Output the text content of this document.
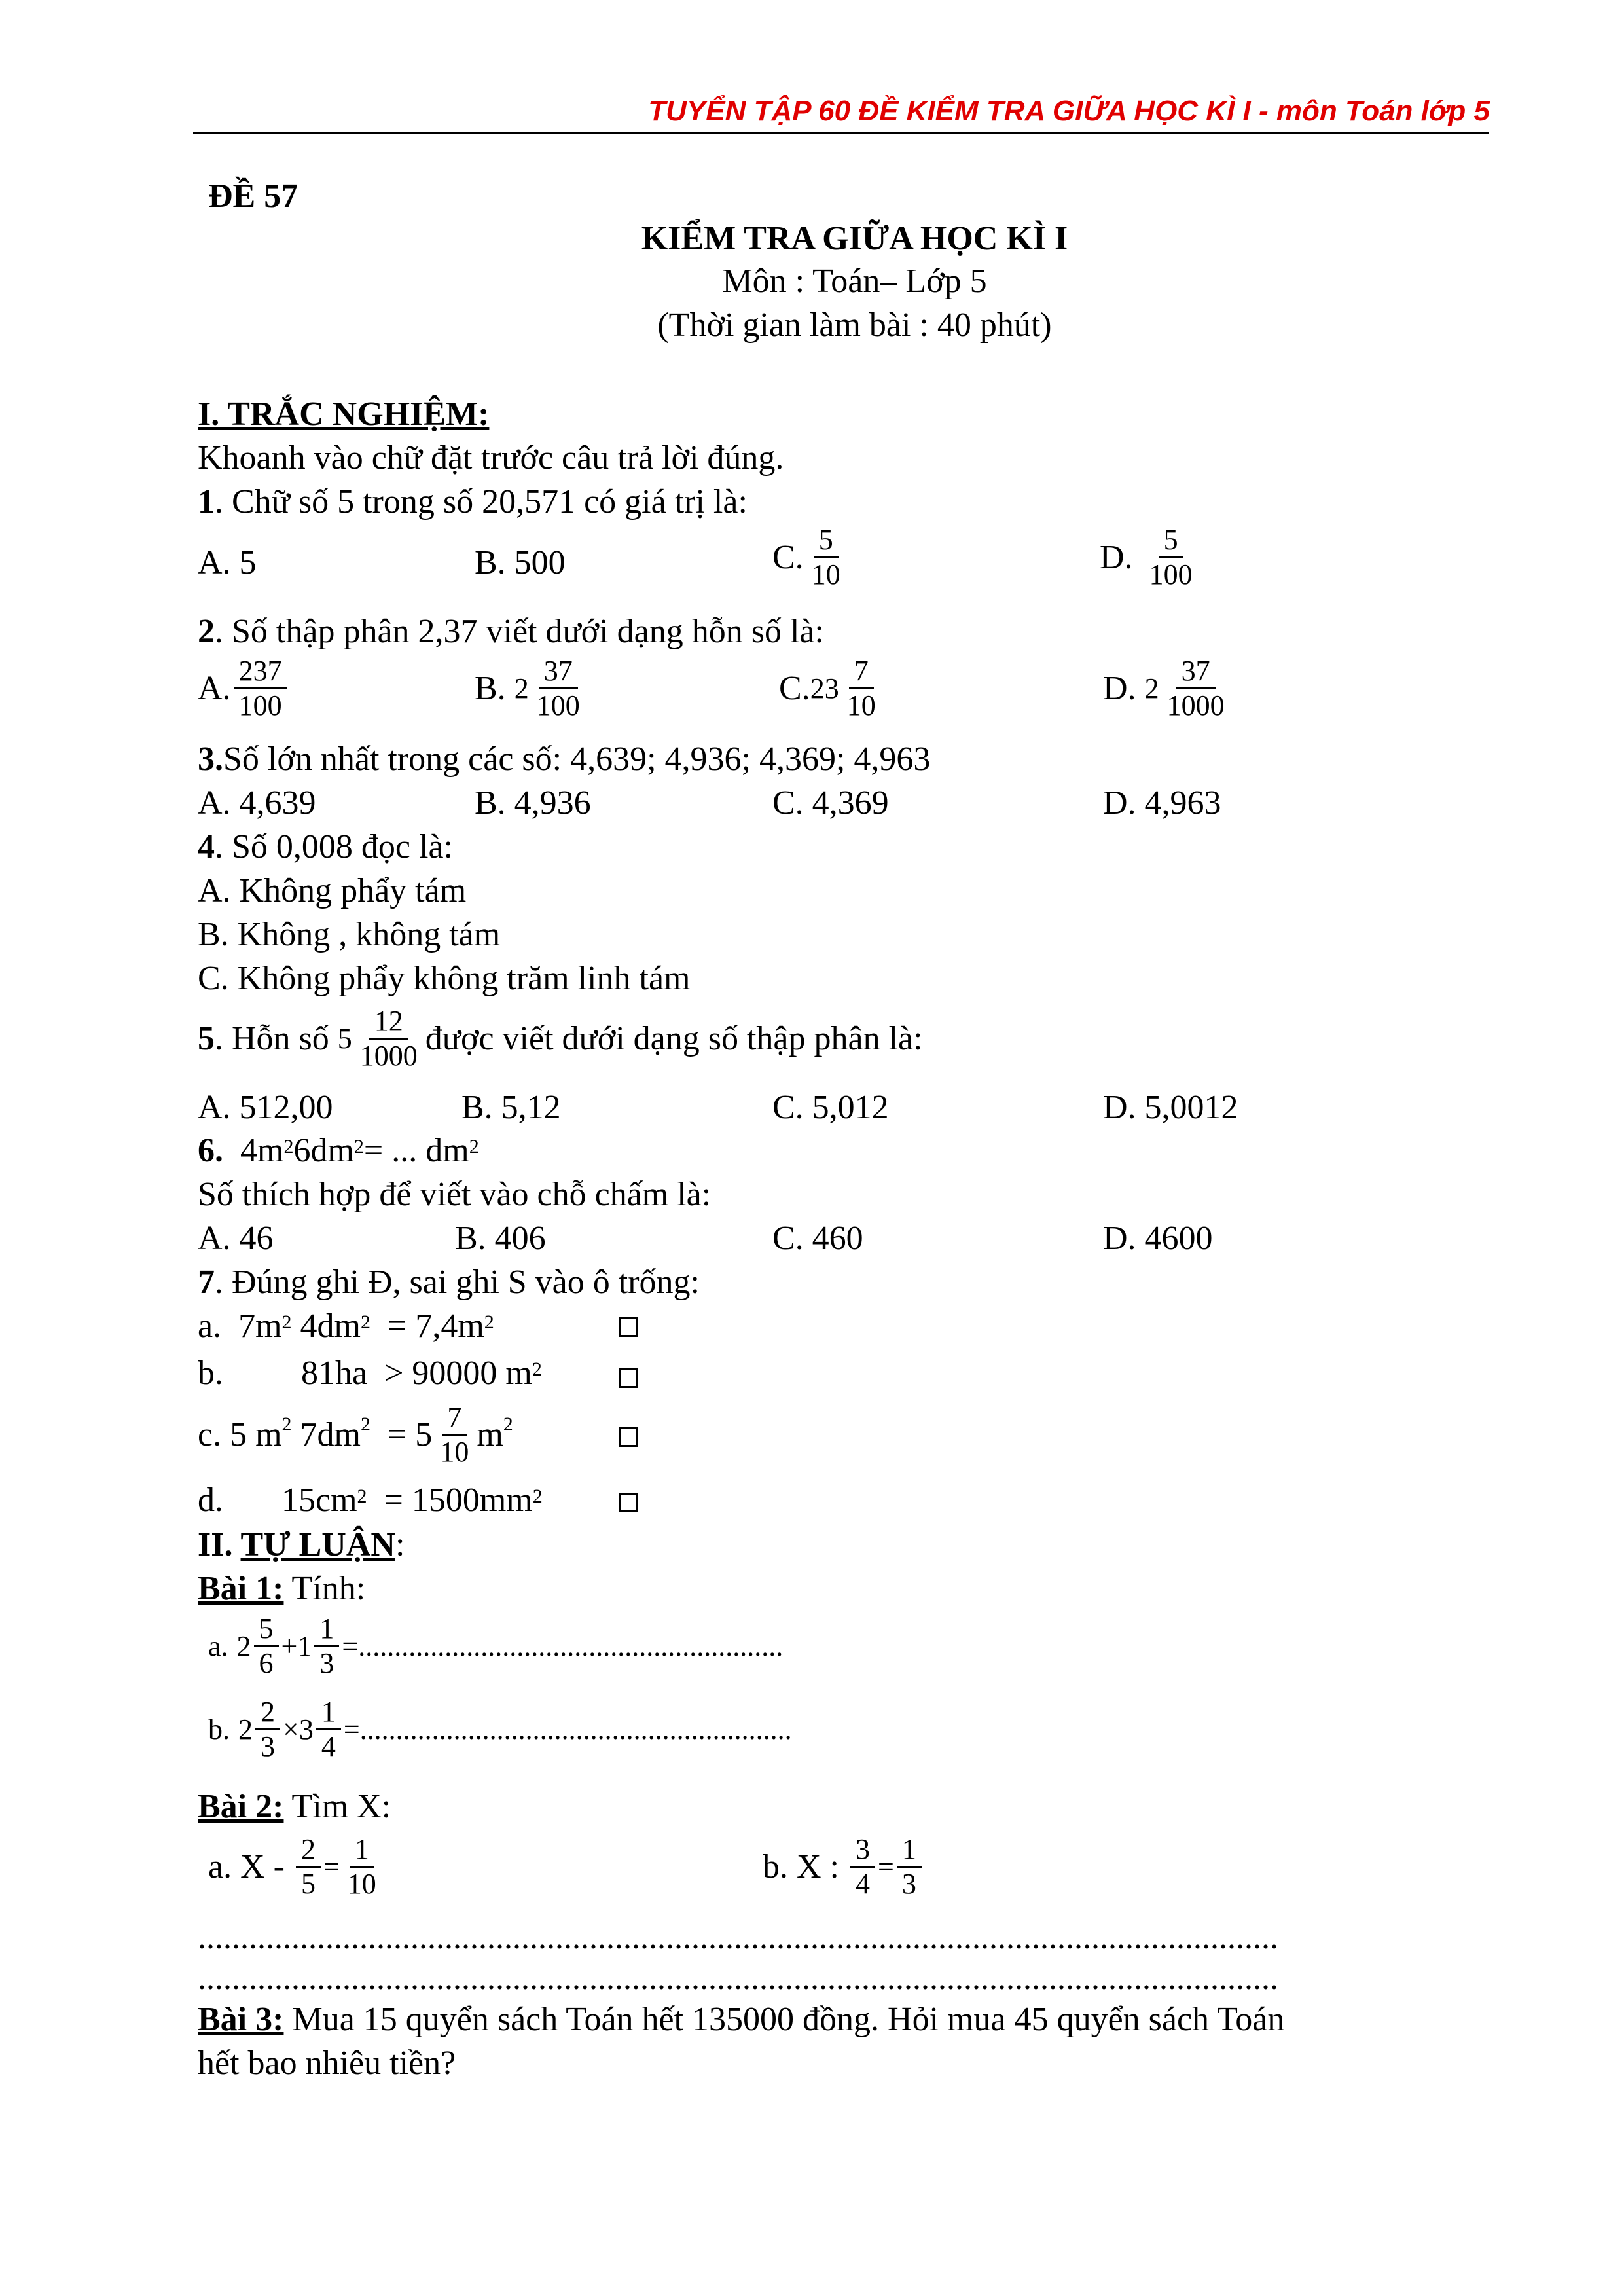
TUYỂN TẬP 60 ĐỀ KIỂM TRA GIỮA HỌC KÌ I - môn Toán lớp 5
ĐỀ 57
KIỂM TRA GIỮA HỌC KÌ I
Môn : Toán– Lớp 5
(Thời gian làm bài : 40 phút)
I. TRẮC NGHIỆM:
Khoanh vào chữ đặt trước câu trả lời đúng.
1. Chữ số 5 trong số 20,571 có giá trị là:
A. 5	B. 500	C. $\frac{5}{10}$	D.
$\frac{5}{100}$
2. Số thập phân 2,37 viết dưới dạng hỗn số là:
A. $\frac{237}{100}$	B.
$2 \frac{37}{100}$	C. $23 \frac{7}{10}$	D.
$2 \frac{37}{1000}$
3.Số lớn nhất trong các số: 4,639; 4,936; 4,369; 4,963
A. 4,639	B. 4,936	C. 4,369	D. 4,963
4. Số 0,008 đọc là:
A. Không phẩy tám
B. Không , không tám
C. Không phẩy không trăm linh tám
5 . Hỗn số
$5 \frac{12}{1000}$ được viết dưới dạng số thập phân là:
A. 512,00	B. 5,12	C. 5,012	D. 5,0012
6. $4m^26dm^2=$ ... $dm^2$
Số thích hợp để viết vào chỗ chấm là:
A. 46	B. 406	C. 460	D. 4600
7. Đúng ghi Đ, sai ghi S vào ô trống:
a. $7m^2$ $4dm^2 = 7,4m^2$
b. 81ha > 90000 $m^2$
c. 5 $m^2$
$7dm^2$
= $5 \frac{7}{10} m^2$
d. $15cm^2 = 1500mm^2$
II. TỰ LUẬN:
Bài 1: Tính:
a.
$2 \frac{5}{6} + 1 \frac{1}{3}$ = ...........................................................
b.
$2 \frac{2}{3} \times 3 \frac{1}{4}$ = ............................................................
Bài 2: Tìm X:
a. X -
$\frac{2}{5} = \frac{1}{10}$	b. X :
$\frac{3}{4} = \frac{1}{3}$
...............................................................................................................................
...............................................................................................................................
Bài 3: Mua 15 quyển sách Toán hết 135000 đồng. Hỏi mua 45 quyển sách Toán
hết bao nhiêu tiền?
